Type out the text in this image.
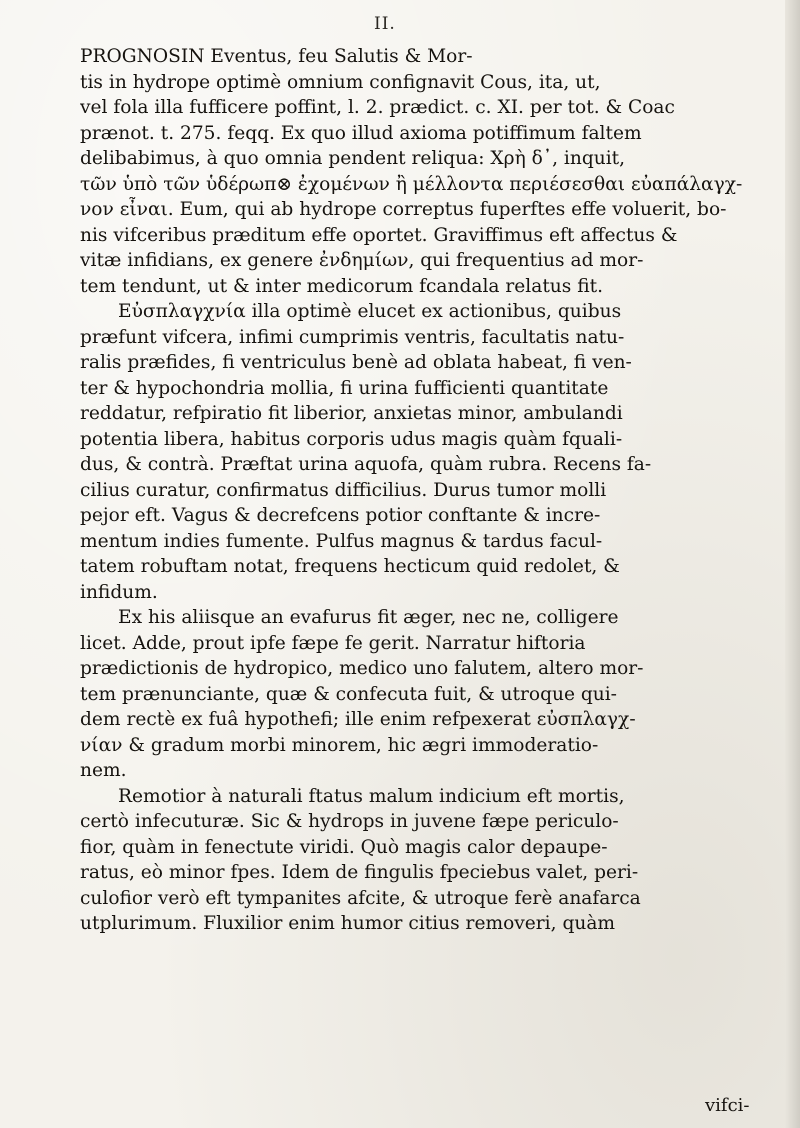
II.
PROGNOSIN Eventus, feu Salutis & Mor-
tis in hydrope optimè omnium confignavit Cous, ita, ut,
vel fola illa fufficere poffint, l. 2. prædict. c. XI. per tot. & Coac
prænot. t. 275. feqq. Ex quo illud axioma potiffimum faltem
delibabimus, à quo omnia pendent reliqua: Χρὴ δ᾽, inquit,
τῶν ὑπὸ τῶν ὑδέρωπ⊗ ἐχομένων ἢ μέλλοντα περιέσεσθαι εὐαπάλαγχ-
νον εἶναι. Eum, qui ab hydrope correptus fuperftes effe voluerit, bo-
nis vifceribus præditum effe oportet. Graviffimus eft affectus &
vitæ infidians, ex genere ἐνδημίων, qui frequentius ad mor-
tem tendunt, ut & inter medicorum fcandala relatus fit.
Εὐσπλαγχνία illa optimè elucet ex actionibus, quibus
præfunt vifcera, infimi cumprimis ventris, facultatis natu-
ralis præfides, fi ventriculus benè ad oblata habeat, fi ven-
ter & hypochondria mollia, fi urina fufficienti quantitate
reddatur, refpiratio fit liberior, anxietas minor, ambulandi
potentia libera, habitus corporis udus magis quàm fquali-
dus, & contrà. Præftat urina aquofa, quàm rubra. Recens fa-
cilius curatur, confirmatus difficilius. Durus tumor molli
pejor eft. Vagus & decrefcens potior conftante & incre-
mentum indies fumente. Pulfus magnus & tardus facul-
tatem robuftam notat, frequens hecticum quid redolet, &
infidum.
Ex his aliisque an evafurus fit æger, nec ne, colligere
licet. Adde, prout ipfe fæpe fe gerit. Narratur hiftoria
prædictionis de hydropico, medico uno falutem, altero mor-
tem prænunciante, quæ & confecuta fuit, & utroque qui-
dem rectè ex fuâ hypothefi; ille enim refpexerat εὐσπλαγχ-
νίαν & gradum morbi minorem, hic ægri immoderatio-
nem.
Remotior à naturali ftatus malum indicium eft mortis,
certò infecuturæ. Sic & hydrops in juvene fæpe periculo-
fior, quàm in fenectute viridi. Quò magis calor depaupe-
ratus, eò minor fpes. Idem de fingulis fpeciebus valet, peri-
culofior verò eft tympanites afcite, & utroque ferè anafarca
utplurimum. Fluxilior enim humor citius removeri, quàm
vifci-
